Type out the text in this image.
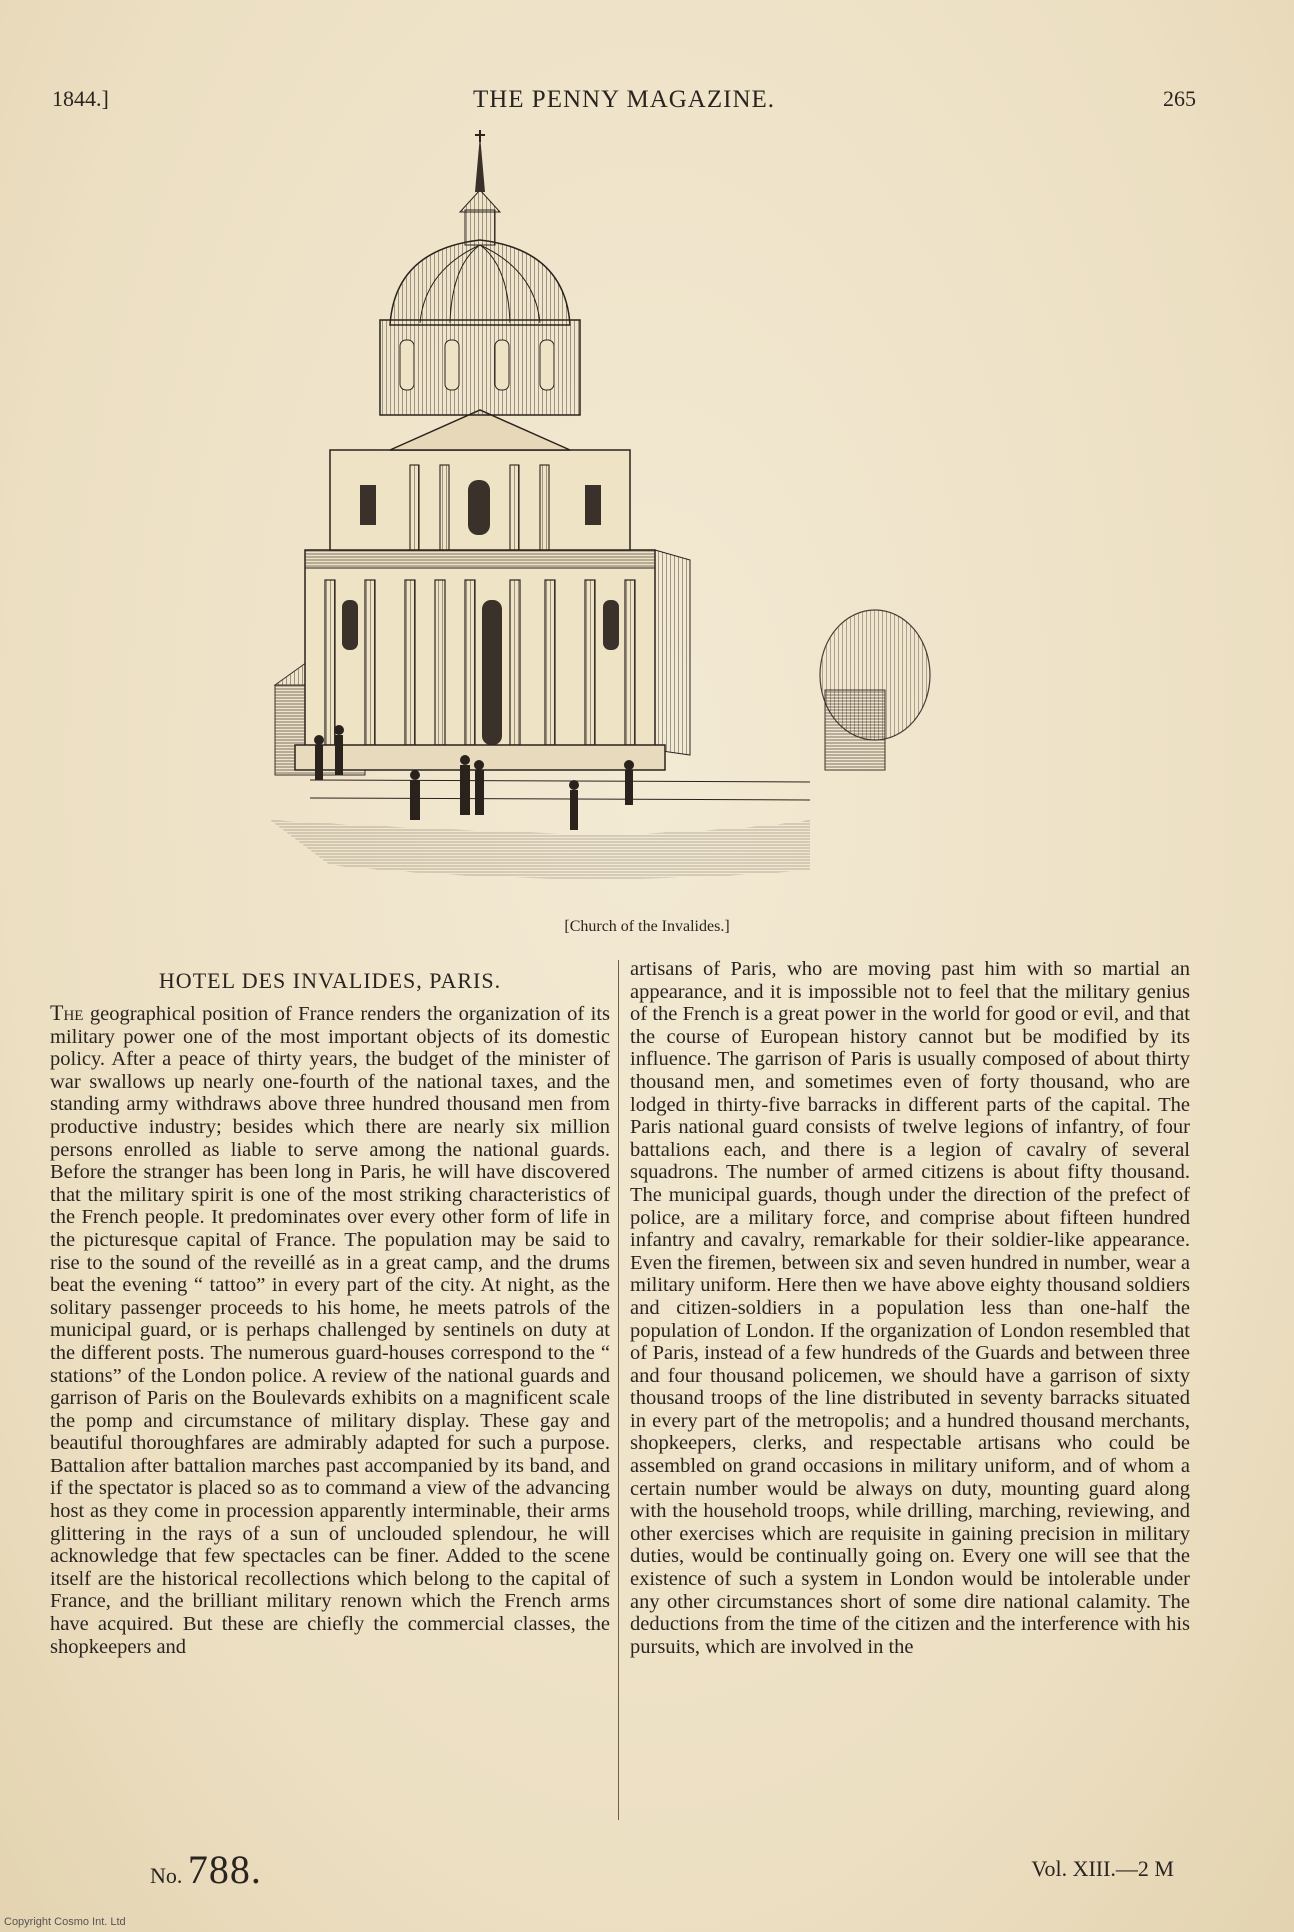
1844.]	THE PENNY MAGAZINE.	265
[Church of the Invalides.]
HOTEL DES INVALIDES, PARIS.

The geographical position of France renders the organization of its military power one of the most important objects of its domestic policy. After a peace of thirty years, the budget of the minister of war swallows up nearly one-fourth of the national taxes, and the standing army withdraws above three hundred thousand men from productive industry; besides which there are nearly six million persons enrolled as liable to serve among the national guards. Before the stranger has been long in Paris, he will have discovered that the military spirit is one of the most striking characteristics of the French people. It predominates over every other form of life in the picturesque capital of France. The population may be said to rise to the sound of the reveillé as in a great camp, and the drums beat the evening “ tattoo” in every part of the city. At night, as the solitary passenger proceeds to his home, he meets patrols of the municipal guard, or is perhaps challenged by sentinels on duty at the different posts. The numerous guard-houses correspond to the “ stations” of the London police. A review of the national guards and garrison of Paris on the Boulevards exhibits on a magnificent scale the pomp and circumstance of military display. These gay and beautiful thoroughfares are admirably adapted for such a purpose. Battalion after battalion marches past accompanied by its band, and if the spectator is placed so as to command a view of the advancing host as they come in procession apparently interminable, their arms glittering in the rays of a sun of unclouded splendour, he will acknowledge that few spectacles can be finer. Added to the scene itself are the historical recollections which belong to the capital of France, and the brilliant military renown which the French arms have acquired. But these are chiefly the commercial classes, the shopkeepers and

artisans of Paris, who are moving past him with so martial an appearance, and it is impossible not to feel that the military genius of the French is a great power in the world for good or evil, and that the course of European history cannot but be modified by its influence. The garrison of Paris is usually composed of about thirty thousand men, and sometimes even of forty thousand, who are lodged in thirty-five barracks in different parts of the capital. The Paris national guard consists of twelve legions of infantry, of four battalions each, and there is a legion of cavalry of several squadrons. The number of armed citizens is about fifty thousand. The municipal guards, though under the direction of the prefect of police, are a military force, and comprise about fifteen hundred infantry and cavalry, remarkable for their soldier-like appearance. Even the firemen, between six and seven hundred in number, wear a military uniform. Here then we have above eighty thousand soldiers and citizen-soldiers in a population less than one-half the population of London. If the organization of London resembled that of Paris, instead of a few hundreds of the Guards and between three and four thousand policemen, we should have a garrison of sixty thousand troops of the line distributed in seventy barracks situated in every part of the metropolis; and a hundred thousand merchants, shopkeepers, clerks, and respectable artisans who could be assembled on grand occasions in military uniform, and of whom a certain number would be always on duty, mounting guard along with the household troops, while drilling, marching, reviewing, and other exercises which are requisite in gaining precision in military duties, would be continually going on. Every one will see that the existence of such a system in London would be intolerable under any other circumstances short of some dire national calamity. The deductions from the time of the citizen and the interference with his pursuits, which are involved in the

No. 788.	Vol. XIII.—2 M
Copyright Cosmo Int. Ltd
